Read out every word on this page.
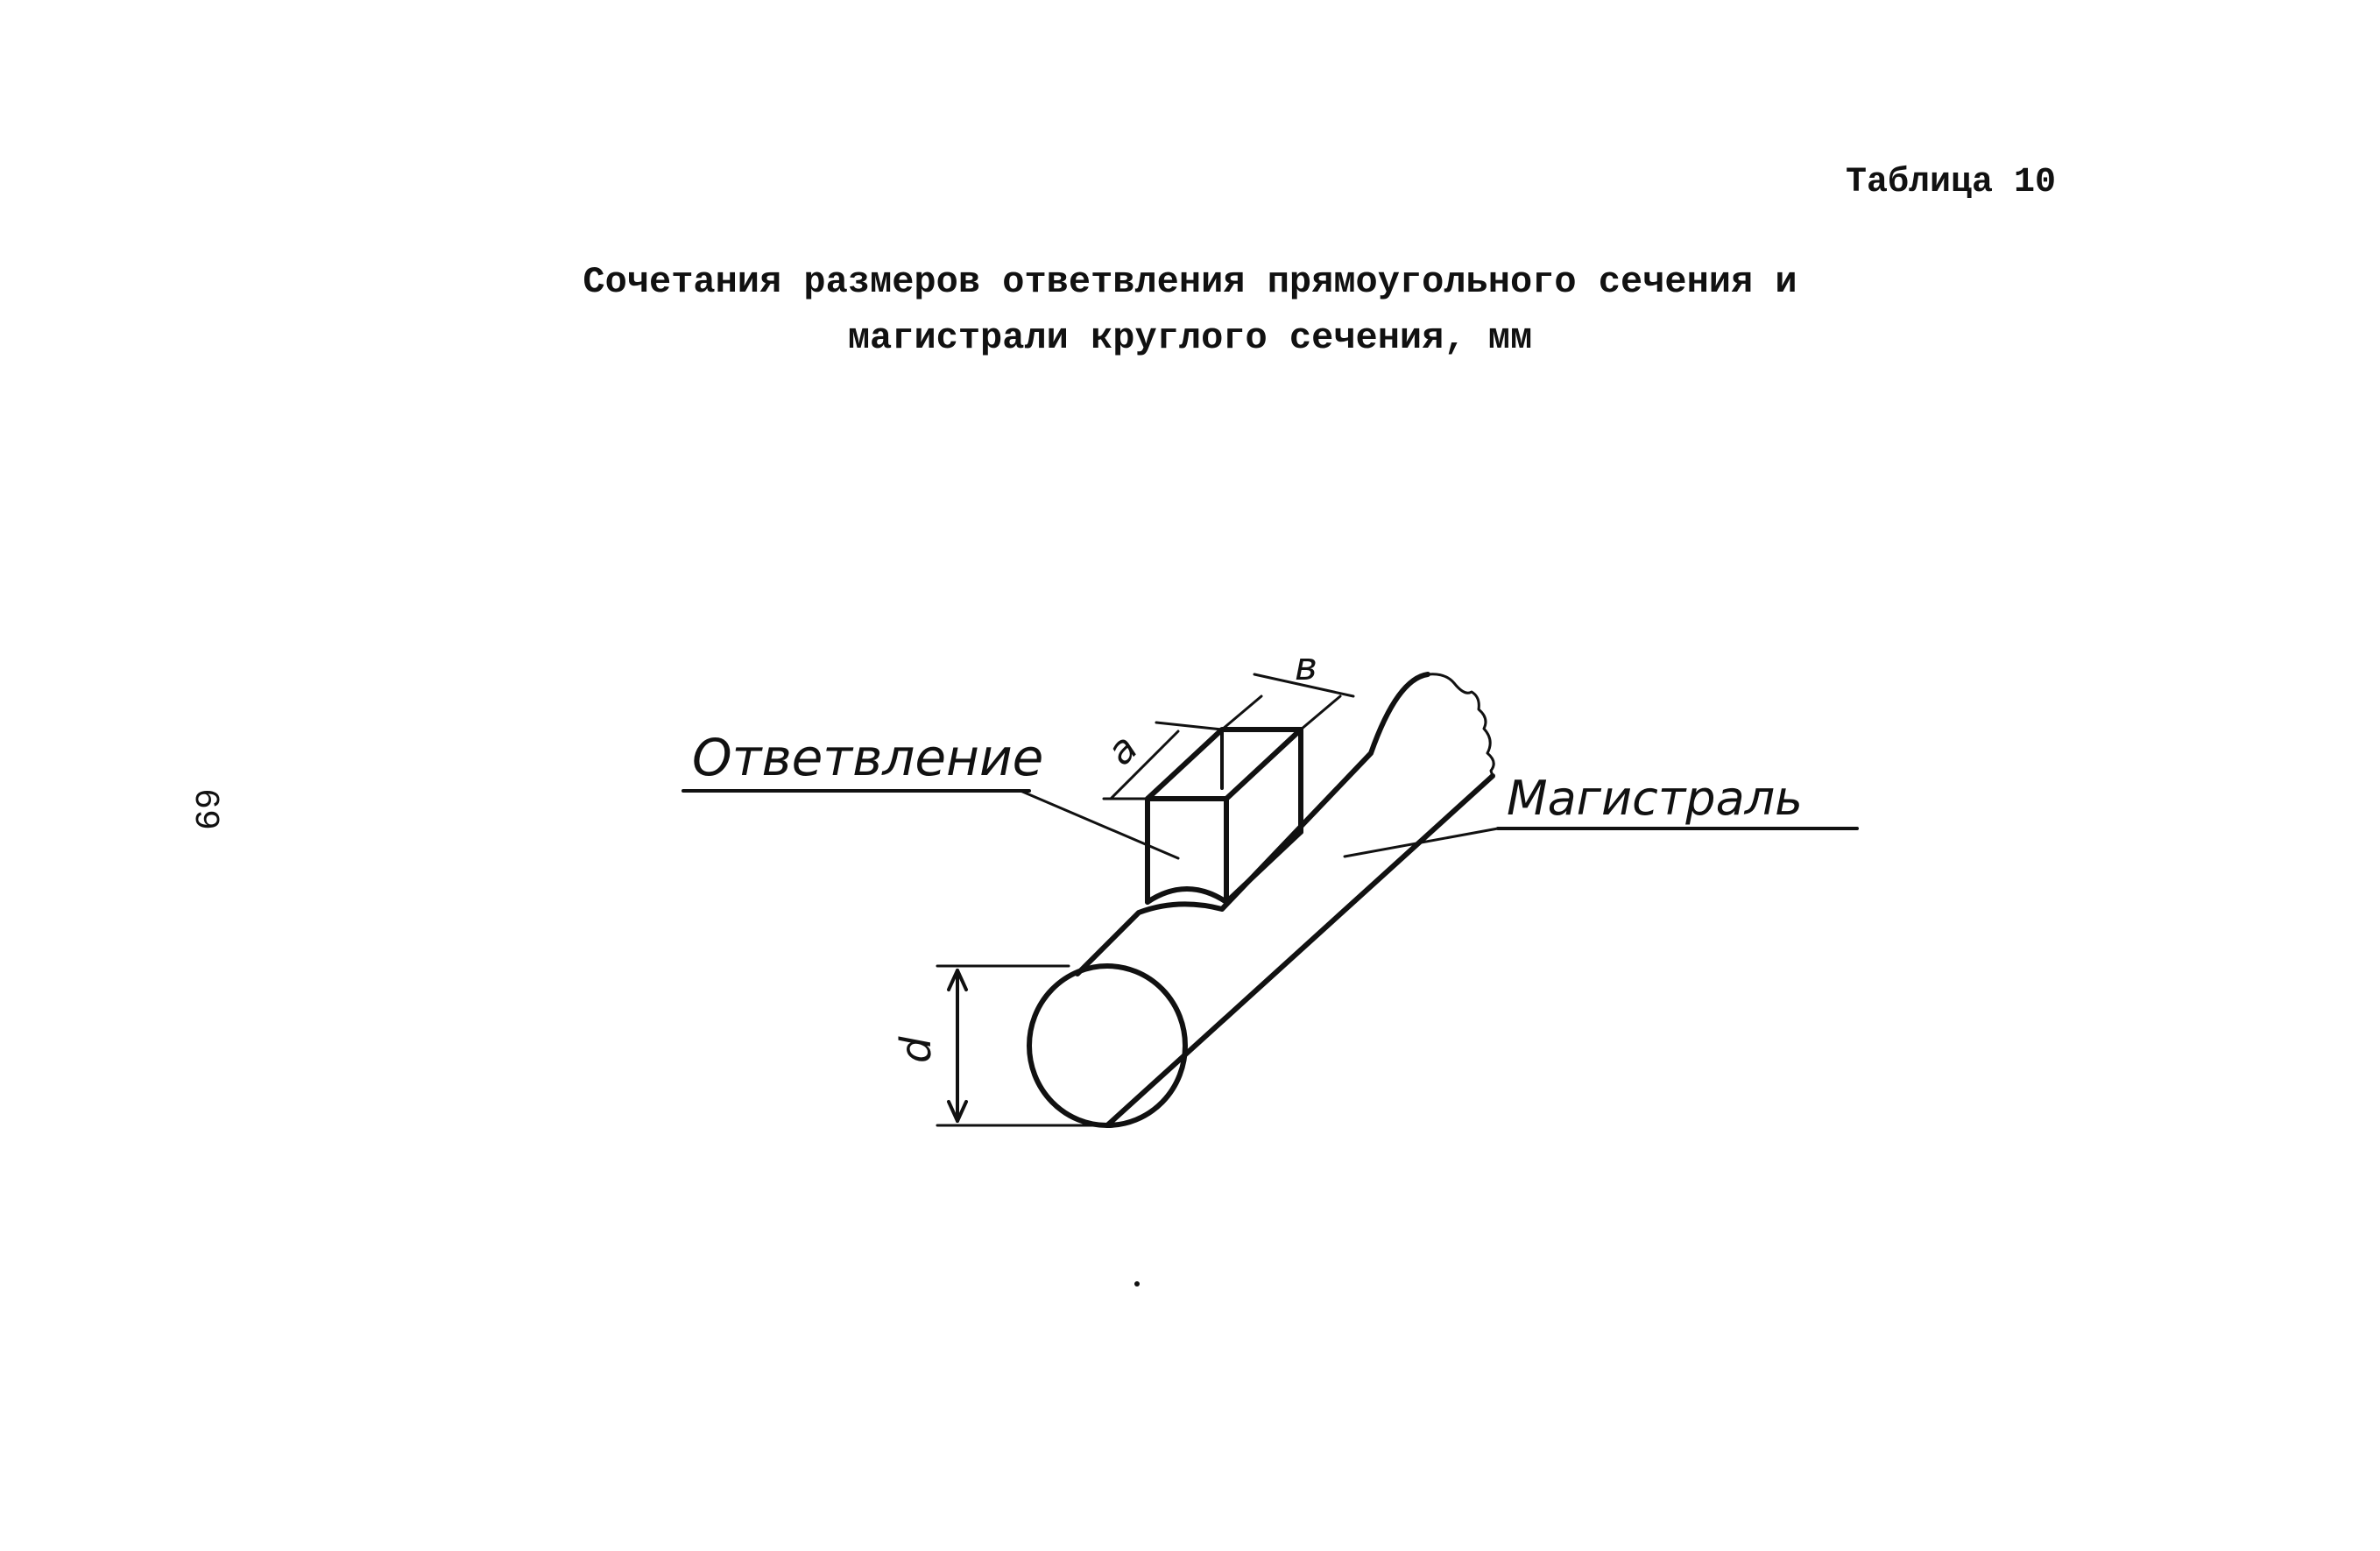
Таблица 10
Сочетания размеров ответвления прямоугольного сечения и
магистрали круглого сечения, мм
69
Ответвление
Магистраль
в
a
d
